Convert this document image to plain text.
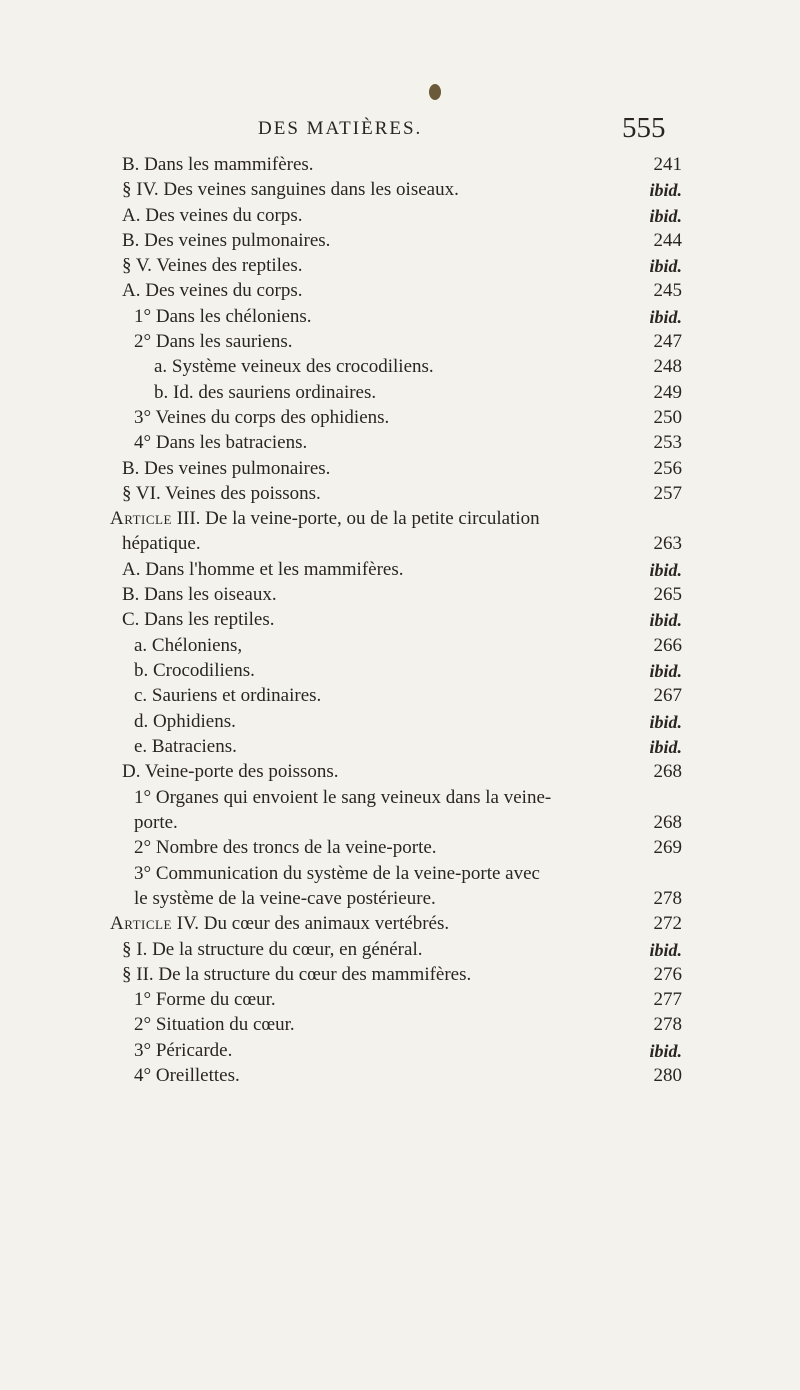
DES MATIÈRES.	555
B. Dans les mammifères.	241
§ IV. Des veines sanguines dans les oiseaux.	ibid.
A. Des veines du corps.	ibid.
B. Des veines pulmonaires.	244
§ V. Veines des reptiles.	ibid.
A. Des veines du corps.	245
1° Dans les chéloniens.	ibid.
2° Dans les sauriens.	247
a. Système veineux des crocodiliens.	248
b. Id. des sauriens ordinaires.	249
3° Veines du corps des ophidiens.	250
4° Dans les batraciens.	253
B. Des veines pulmonaires.	256
§ VI. Veines des poissons.	257
Article III. De la veine-porte, ou de la petite circulation
hépatique.	263
A. Dans l'homme et les mammifères.	ibid.
B. Dans les oiseaux.	265
C. Dans les reptiles.	ibid.
a. Chéloniens,	266
b. Crocodiliens.	ibid.
c. Sauriens et ordinaires.	267
d. Ophidiens.	ibid.
e. Batraciens.	ibid.
D. Veine-porte des poissons.	268
1° Organes qui envoient le sang veineux dans la veine-
porte.	268
2° Nombre des troncs de la veine-porte.	269
3° Communication du système de la veine-porte avec
le système de la veine-cave postérieure.	278
Article IV. Du cœur des animaux vertébrés.	272
§ I. De la structure du cœur, en général.	ibid.
§ II. De la structure du cœur des mammifères.	276
1° Forme du cœur.	277
2° Situation du cœur.	278
3° Péricarde.	ibid.
4° Oreillettes.	280
